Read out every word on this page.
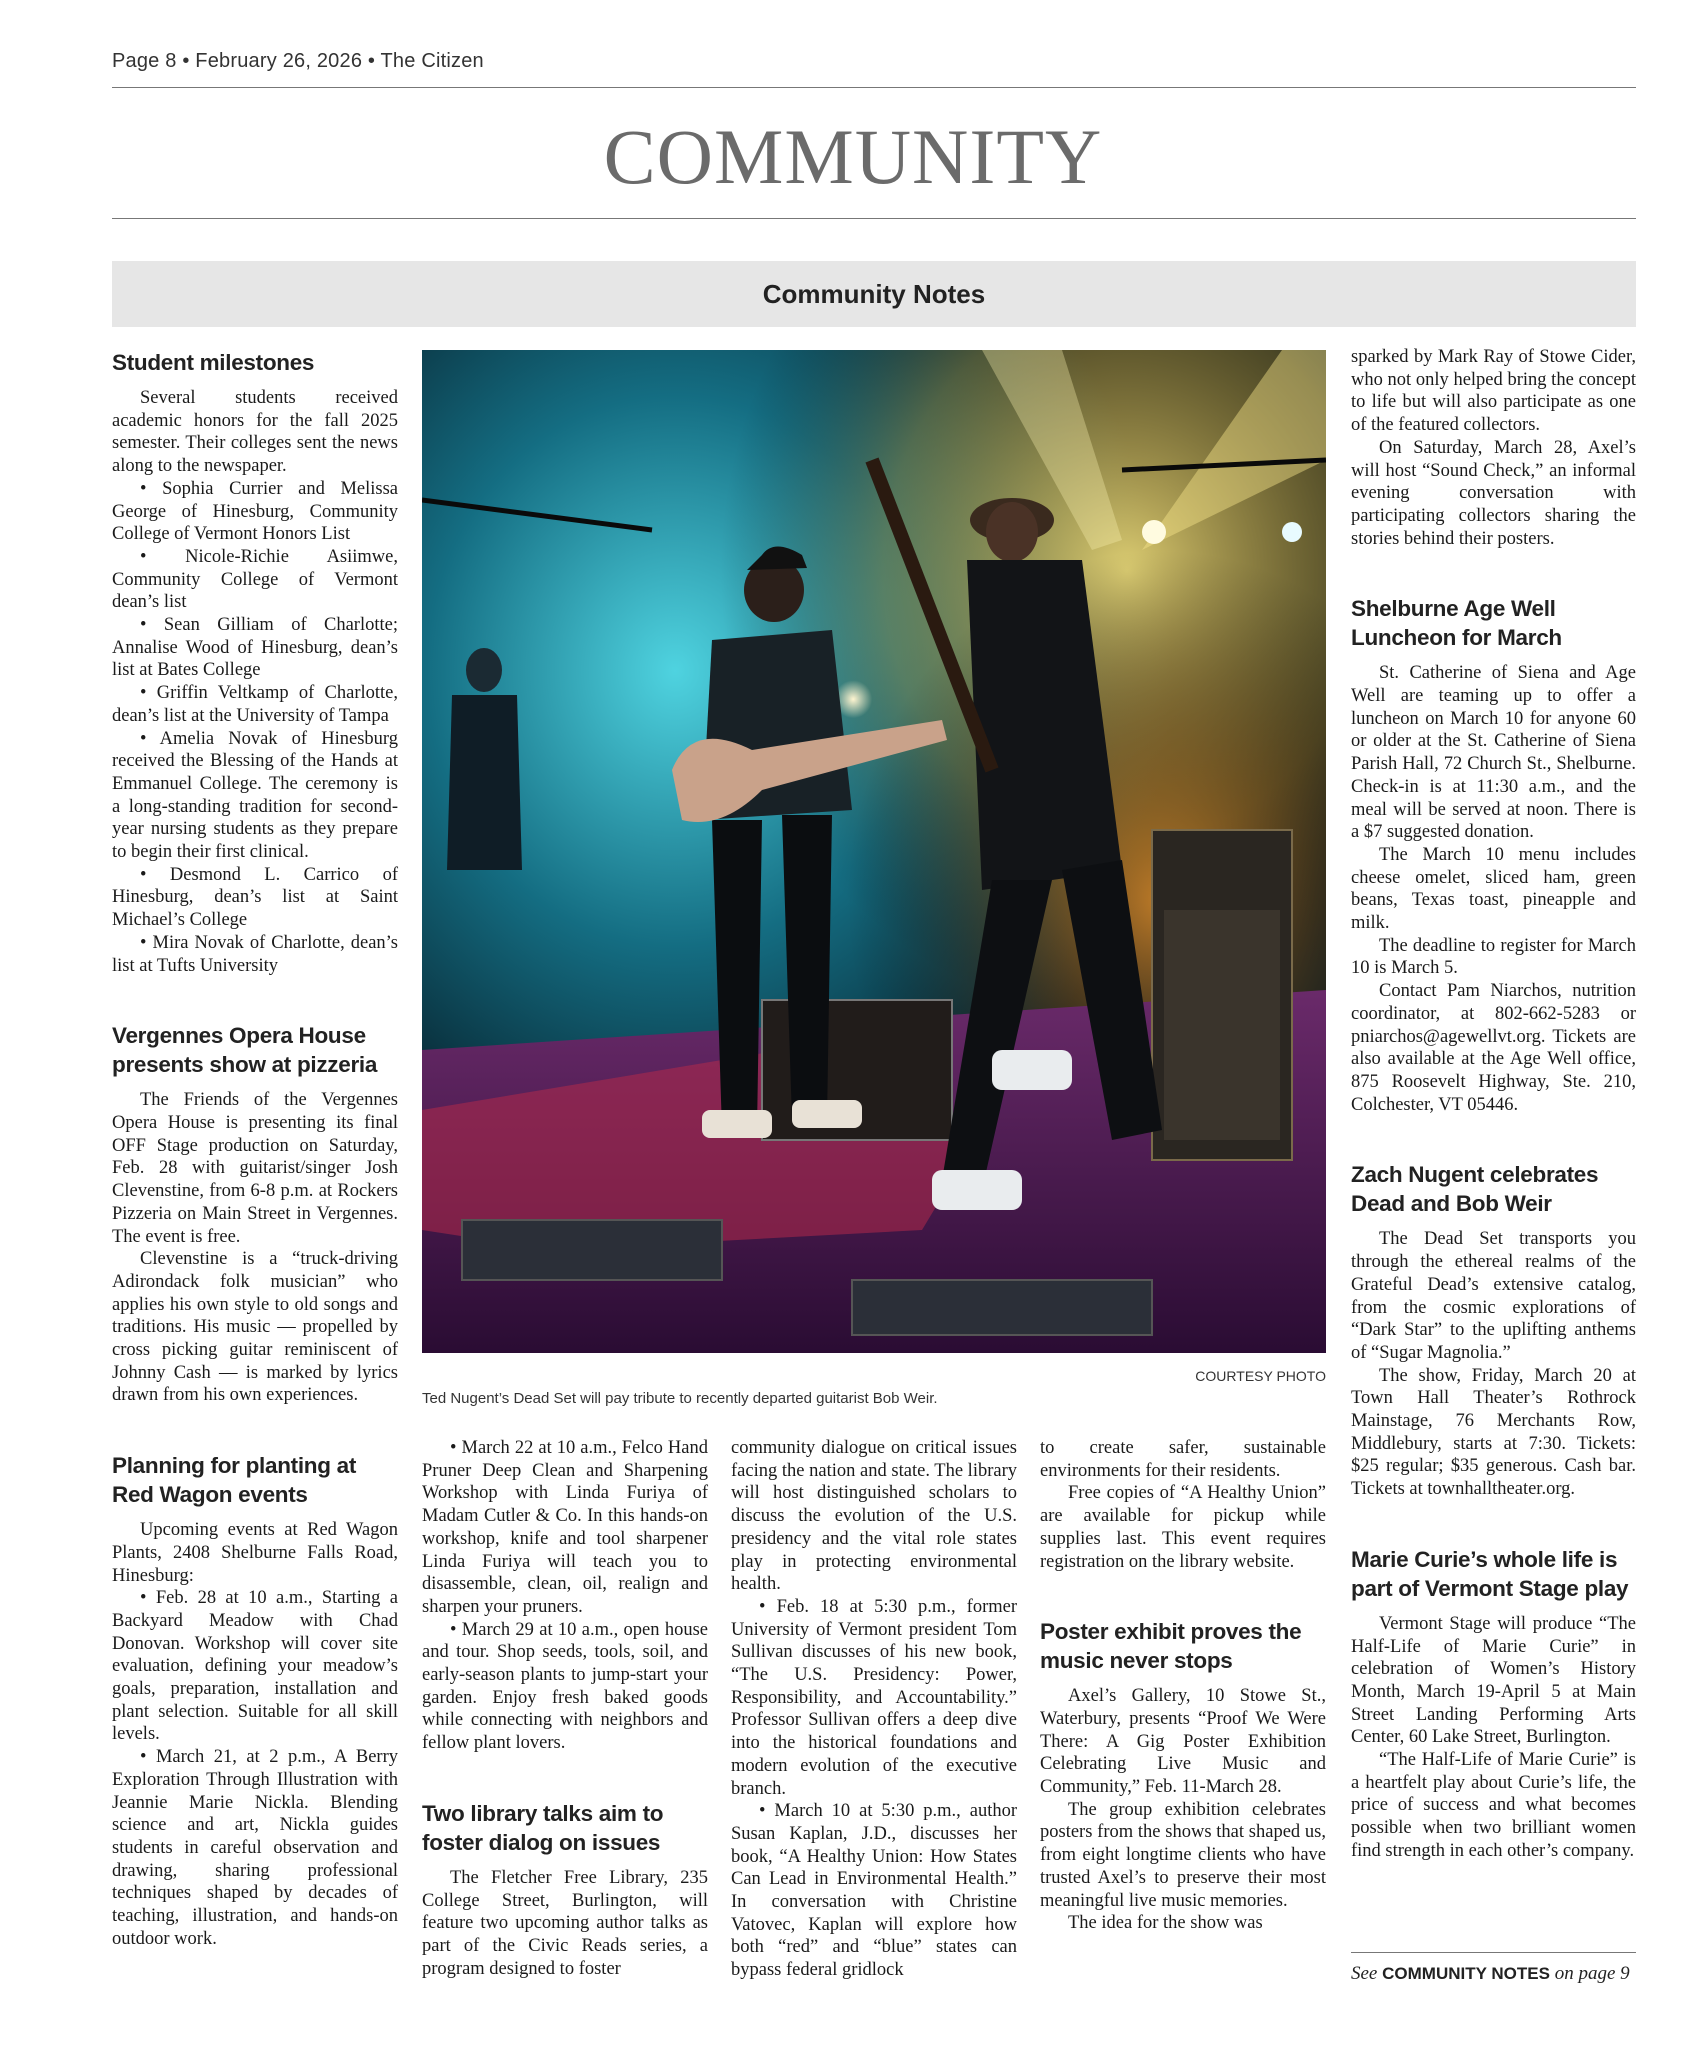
Page 8 • February 26, 2026 • The Citizen
COMMUNITY
Community Notes
Student milestones

Several students received academic honors for the fall 2025 semester. Their colleges sent the news along to the newspaper.

• Sophia Currier and Melissa George of Hinesburg, Community College of Vermont Honors List

• Nicole-Richie Asiimwe, Community College of Vermont dean’s list

• Sean Gilliam of Charlotte; Annalise Wood of Hinesburg, dean’s list at Bates College

• Griffin Veltkamp of Charlotte, dean’s list at the University of Tampa

• Amelia Novak of Hinesburg received the Blessing of the Hands at Emmanuel College. The ceremony is a long-standing tradition for second-year nursing students as they prepare to begin their first clinical.

• Desmond L. Carrico of Hinesburg, dean’s list at Saint Michael’s College

• Mira Novak of Charlotte, dean’s list at Tufts University

Vergennes Opera House presents show at pizzeria

The Friends of the Vergennes Opera House is presenting its final OFF Stage production on Saturday, Feb. 28 with guitarist/singer Josh Clevenstine, from 6-8 p.m. at Rockers Pizzeria on Main Street in Vergennes. The event is free.

Clevenstine is a “truck-driving Adirondack folk musician” who applies his own style to old songs and traditions. His music — propelled by cross picking guitar reminiscent of Johnny Cash — is marked by lyrics drawn from his own experiences.

Planning for planting at Red Wagon events

Upcoming events at Red Wagon Plants, 2408 Shelburne Falls Road, Hinesburg:

• Feb. 28 at 10 a.m., Starting a Backyard Meadow with Chad Donovan. Workshop will cover site evaluation, defining your meadow’s goals, preparation, installation and plant selection. Suitable for all skill levels.

• March 21, at 2 p.m., A Berry Exploration Through Illustration with Jeannie Marie Nickla. Blending science and art, Nickla guides students in careful observation and drawing, sharing professional techniques shaped by decades of teaching, illustration, and hands-on outdoor work.

COURTESY PHOTO
Ted Nugent’s Dead Set will pay tribute to recently departed guitarist Bob Weir.

• March 22 at 10 a.m., Felco Hand Pruner Deep Clean and Sharpening Workshop with Linda Furiya of Madam Cutler & Co. In this hands-on workshop, knife and tool sharpener Linda Furiya will teach you to disassemble, clean, oil, realign and sharpen your pruners.

• March 29 at 10 a.m., open house and tour. Shop seeds, tools, soil, and early-season plants to jump-start your garden. Enjoy fresh baked goods while connecting with neighbors and fellow plant lovers.

Two library talks aim to foster dialog on issues

The Fletcher Free Library, 235 College Street, Burlington, will feature two upcoming author talks as part of the Civic Reads series, a program designed to foster

community dialogue on critical issues facing the nation and state. The library will host distinguished scholars to discuss the evolution of the U.S. presidency and the vital role states play in protecting environmental health.

• Feb. 18 at 5:30 p.m., former University of Vermont president Tom Sullivan discusses of his new book, “The U.S. Presidency: Power, Responsibility, and Accountability.” Professor Sullivan offers a deep dive into the historical foundations and modern evolution of the executive branch.

• March 10 at 5:30 p.m., author Susan Kaplan, J.D., discusses her book, “A Healthy Union: How States Can Lead in Environmental Health.” In conversation with Christine Vatovec, Kaplan will explore how both “red” and “blue” states can bypass federal gridlock

to create safer, sustainable environments for their residents.

Free copies of “A Healthy Union” are available for pickup while supplies last. This event requires registration on the library website.

Poster exhibit proves the music never stops

Axel’s Gallery, 10 Stowe St., Waterbury, presents “Proof We Were There: A Gig Poster Exhibition Celebrating Live Music and Community,” Feb. 11-March 28.

The group exhibition celebrates posters from the shows that shaped us, from eight longtime clients who have trusted Axel’s to preserve their most meaningful live music memories.

The idea for the show was

sparked by Mark Ray of Stowe Cider, who not only helped bring the concept to life but will also participate as one of the featured collectors.

On Saturday, March 28, Axel’s will host “Sound Check,” an informal evening conversation with participating collectors sharing the stories behind their posters.

Shelburne Age Well Luncheon for March

St. Catherine of Siena and Age Well are teaming up to offer a luncheon on March 10 for anyone 60 or older at the St. Catherine of Siena Parish Hall, 72 Church St., Shelburne. Check-in is at 11:30 a.m., and the meal will be served at noon. There is a $7 suggested donation.

The March 10 menu includes cheese omelet, sliced ham, green beans, Texas toast, pineapple and milk.

The deadline to register for March 10 is March 5.

Contact Pam Niarchos, nutrition coordinator, at 802-662-5283 or pniarchos@agewellvt.org. Tickets are also available at the Age Well office, 875 Roosevelt Highway, Ste. 210, Colchester, VT 05446.

Zach Nugent celebrates Dead and Bob Weir

The Dead Set transports you through the ethereal realms of the Grateful Dead’s extensive catalog, from the cosmic explorations of “Dark Star” to the uplifting anthems of “Sugar Magnolia.”

The show, Friday, March 20 at Town Hall Theater’s Rothrock Mainstage, 76 Merchants Row, Middlebury, starts at 7:30. Tickets: $25 regular; $35 generous. Cash bar. Tickets at townhalltheater.org.

Marie Curie’s whole life is part of Vermont Stage play

Vermont Stage will produce “The Half-Life of Marie Curie” in celebration of Women’s History Month, March 19-April 5 at Main Street Landing Performing Arts Center, 60 Lake Street, Burlington.

“The Half-Life of Marie Curie” is a heartfelt play about Curie’s life, the price of success and what becomes possible when two brilliant women find strength in each other’s company.

See COMMUNITY NOTES on page 9
